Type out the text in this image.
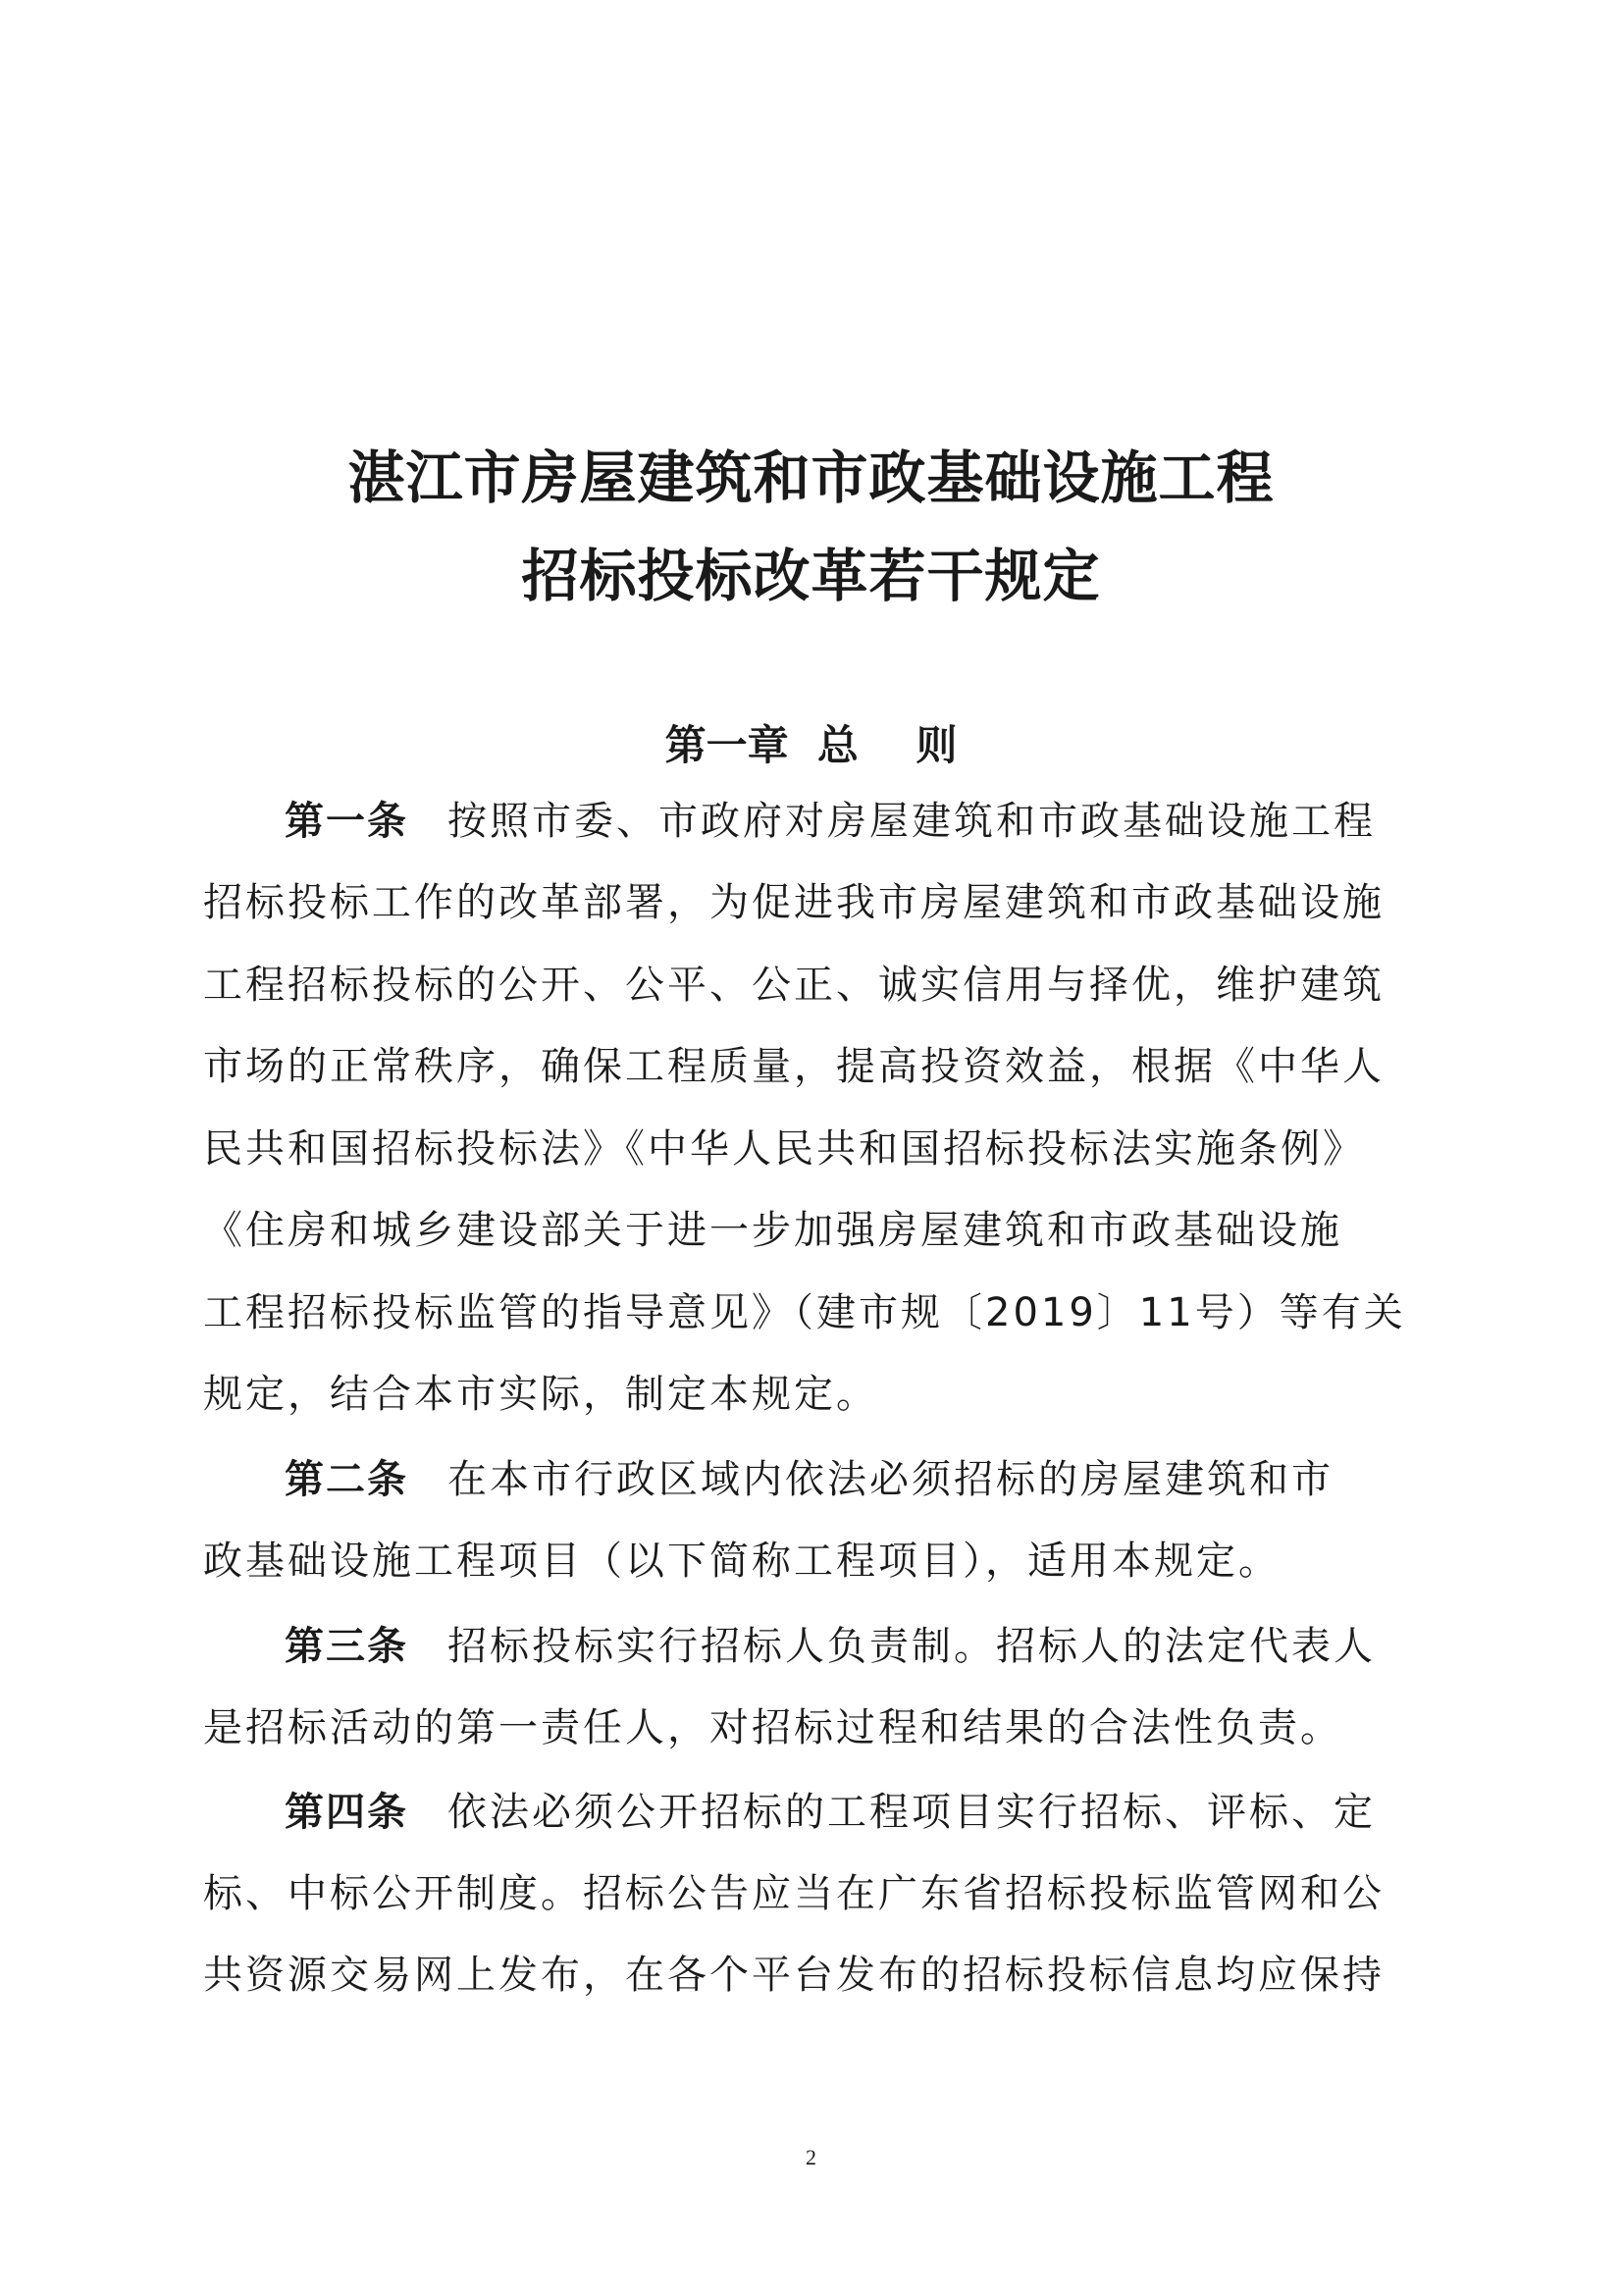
湛江市房屋建筑和市政基础设施工程
招标投标改革若干规定
第一章  总    则
第一条 按照市委、市政府对房屋建筑和市政基础设施工程
招标投标工作的改革部署，为促进我市房屋建筑和市政基础设施
工程招标投标的公开、公平、公正、诚实信用与择优，维护建筑
市场的正常秩序，确保工程质量，提高投资效益，根据《中华人
民共和国招标投标法》《中华人民共和国招标投标法实施条例》
《住房和城乡建设部关于进一步加强房屋建筑和市政基础设施
工程招标投标监管的指导意见》（建市规〔2019〕11号）等有关
规定，结合本市实际，制定本规定。
第二条 在本市行政区域内依法必须招标的房屋建筑和市
政基础设施工程项目（以下简称工程项目），适用本规定。
第三条 招标投标实行招标人负责制。招标人的法定代表人
是招标活动的第一责任人，对招标过程和结果的合法性负责。
第四条 依法必须公开招标的工程项目实行招标、评标、定
标、中标公开制度。招标公告应当在广东省招标投标监管网和公
共资源交易网上发布，在各个平台发布的招标投标信息均应保持
2
